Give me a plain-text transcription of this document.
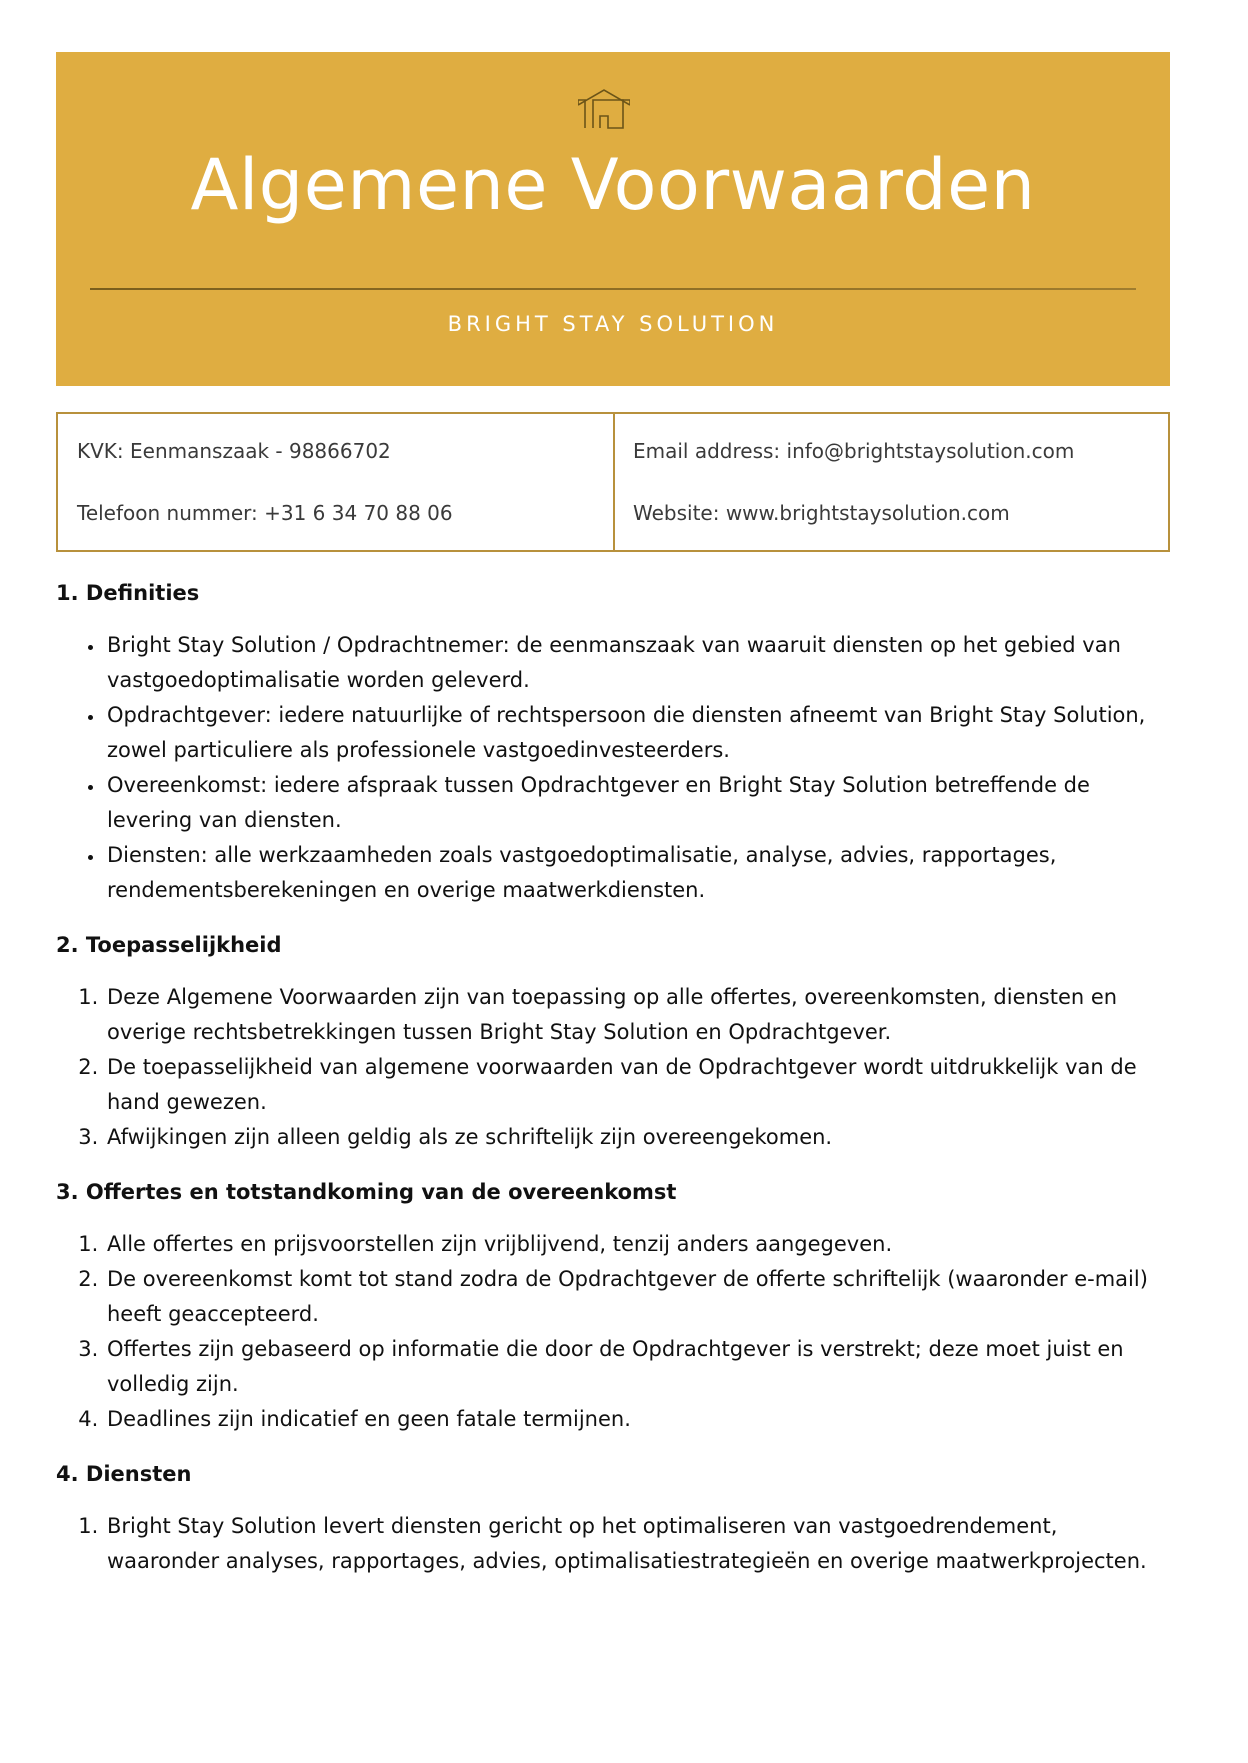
Algemene Voorwaarden
BRIGHT STAY SOLUTION
KVK: Eenmanszaak - 98866702
Telefoon nummer: +31 6 34 70 88 06
Email address: info@brightstaysolution.com
Website: www.brightstaysolution.com
1. Definities
• Bright Stay Solution / Opdrachtnemer: de eenmanszaak van waaruit diensten op het gebied van vastgoedoptimalisatie worden geleverd.
• Opdrachtgever: iedere natuurlijke of rechtspersoon die diensten afneemt van Bright Stay Solution, zowel particuliere als professionele vastgoedinvesteerders.
• Overeenkomst: iedere afspraak tussen Opdrachtgever en Bright Stay Solution betreffende de levering van diensten.
• Diensten: alle werkzaamheden zoals vastgoedoptimalisatie, analyse, advies, rapportages, rendementsberekeningen en overige maatwerkdiensten.
2. Toepasselijkheid
1. Deze Algemene Voorwaarden zijn van toepassing op alle offertes, overeenkomsten, diensten en overige rechtsbetrekkingen tussen Bright Stay Solution en Opdrachtgever.
2. De toepasselijkheid van algemene voorwaarden van de Opdrachtgever wordt uitdrukkelijk van de hand gewezen.
3. Afwijkingen zijn alleen geldig als ze schriftelijk zijn overeengekomen.
3. Offertes en totstandkoming van de overeenkomst
1. Alle offertes en prijsvoorstellen zijn vrijblijvend, tenzij anders aangegeven.
2. De overeenkomst komt tot stand zodra de Opdrachtgever de offerte schriftelijk (waaronder e-mail) heeft geaccepteerd.
3. Offertes zijn gebaseerd op informatie die door de Opdrachtgever is verstrekt; deze moet juist en volledig zijn.
4. Deadlines zijn indicatief en geen fatale termijnen.
4. Diensten
1. Bright Stay Solution levert diensten gericht op het optimaliseren van vastgoedrendement, waaronder analyses, rapportages, advies, optimalisatiestrategieën en overige maatwerkprojecten.
